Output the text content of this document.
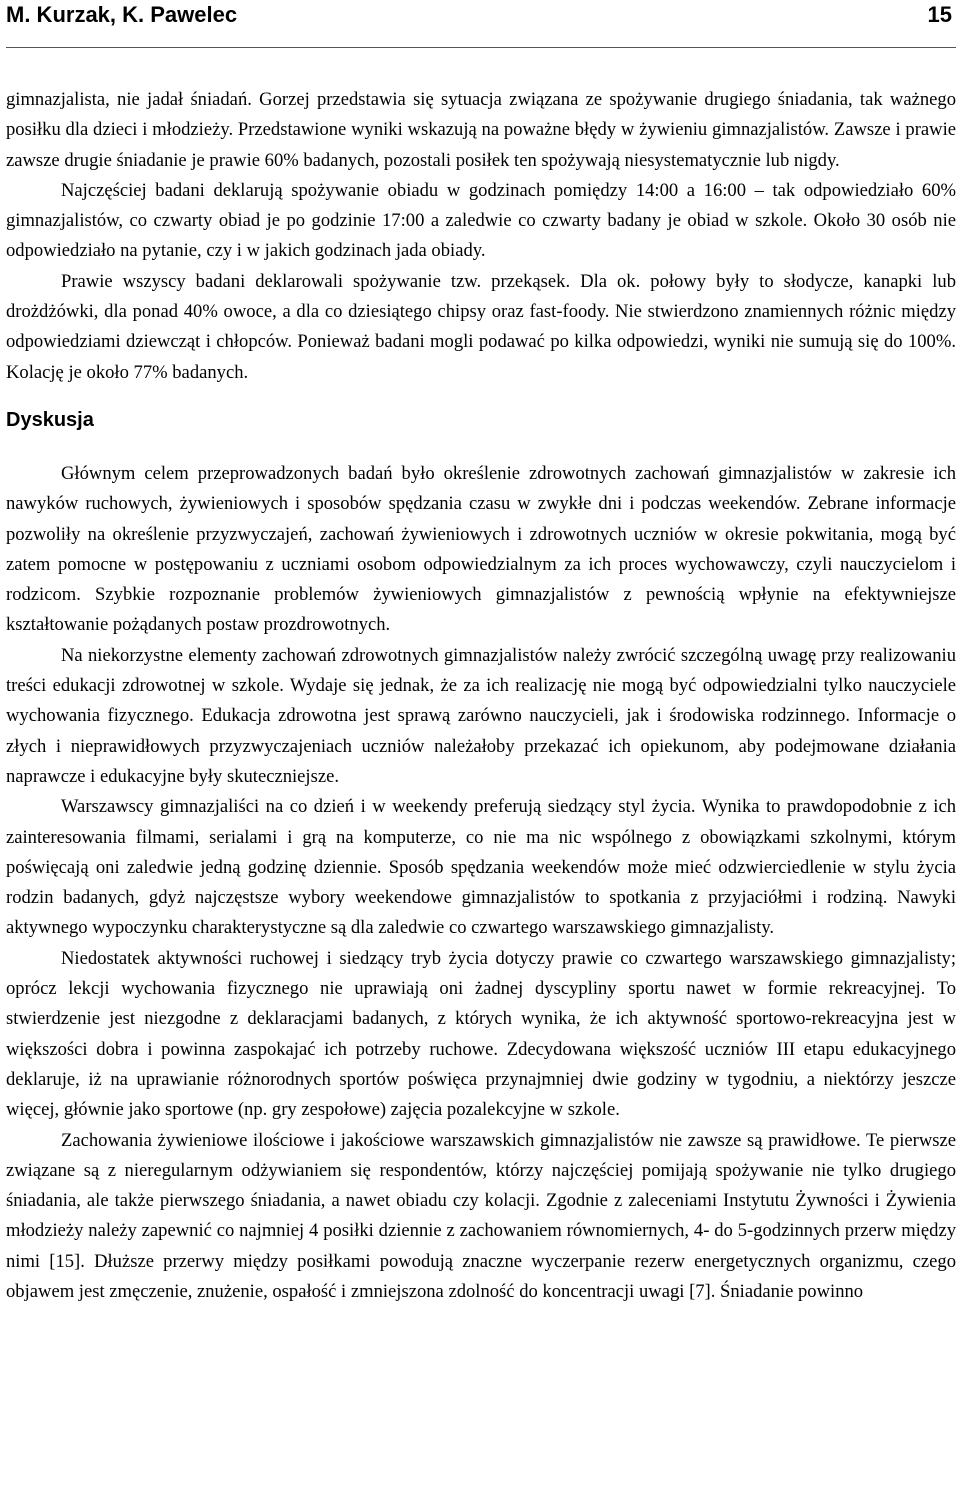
M. Kurzak, K. Pawelec	15

gimnazjalista, nie jadał śniadań. Gorzej przedstawia się sytuacja związana ze spożywanie drugiego śniadania, tak ważnego posiłku dla dzieci i młodzieży. Przedstawione wyniki wskazują na poważne błędy w żywieniu gimnazjalistów. Zawsze i prawie zawsze drugie śniadanie je prawie 60% badanych, pozostali posiłek ten spożywają niesystematycznie lub nigdy.

Najczęściej badani deklarują spożywanie obiadu w godzinach pomiędzy 14:00 a 16:00 – tak odpowiedziało 60% gimnazjalistów, co czwarty obiad je po godzinie 17:00 a zaledwie co czwarty badany je obiad w szkole. Około 30 osób nie odpowiedziało na pytanie, czy i w jakich godzinach jada obiady.

Prawie wszyscy badani deklarowali spożywanie tzw. przekąsek. Dla ok. połowy były to słodycze, kanapki lub drożdżówki, dla ponad 40% owoce, a dla co dziesiątego chipsy oraz fast-foody. Nie stwierdzono znamiennych różnic między odpowiedziami dziewcząt i chłopców. Ponieważ badani mogli podawać po kilka odpowiedzi, wyniki nie sumują się do 100%. Kolację je około 77% badanych.

Dyskusja

Głównym celem przeprowadzonych badań było określenie zdrowotnych zachowań gimnazjalistów w zakresie ich nawyków ruchowych, żywieniowych i sposobów spędzania czasu w zwykłe dni i podczas weekendów. Zebrane informacje pozwoliły na określenie przyzwyczajeń, zachowań żywieniowych i zdrowotnych uczniów w okresie pokwitania, mogą być zatem pomocne w postępowaniu z uczniami osobom odpowiedzialnym za ich proces wychowawczy, czyli nauczycielom i rodzicom. Szybkie rozpoznanie problemów żywieniowych gimnazjalistów z pewnością wpłynie na efektywniejsze kształtowanie pożądanych postaw prozdrowotnych.

Na niekorzystne elementy zachowań zdrowotnych gimnazjalistów należy zwrócić szczególną uwagę przy realizowaniu treści edukacji zdrowotnej w szkole. Wydaje się jednak, że za ich realizację nie mogą być odpowiedzialni tylko nauczyciele wychowania fizycznego. Edukacja zdrowotna jest sprawą zarówno nauczycieli, jak i środowiska rodzinnego. Informacje o złych i nieprawidłowych przyzwyczajeniach uczniów należałoby przekazać ich opiekunom, aby podejmowane działania naprawcze i edukacyjne były skuteczniejsze.

Warszawscy gimnazjaliści na co dzień i w weekendy preferują siedzący styl życia. Wynika to prawdopodobnie z ich zainteresowania filmami, serialami i grą na komputerze, co nie ma nic wspólnego z obowiązkami szkolnymi, którym poświęcają oni zaledwie jedną godzinę dziennie. Sposób spędzania weekendów może mieć odzwierciedlenie w stylu życia rodzin badanych, gdyż najczęstsze wybory weekendowe gimnazjalistów to spotkania z przyjaciółmi i rodziną. Nawyki aktywnego wypoczynku charakterystyczne są dla zaledwie co czwartego warszawskiego gimnazjalisty.

Niedostatek aktywności ruchowej i siedzący tryb życia dotyczy prawie co czwartego warszawskiego gimnazjalisty; oprócz lekcji wychowania fizycznego nie uprawiają oni żadnej dyscypliny sportu nawet w formie rekreacyjnej. To stwierdzenie jest niezgodne z deklaracjami badanych, z których wynika, że ich aktywność sportowo-rekreacyjna jest w większości dobra i powinna zaspokajać ich potrzeby ruchowe. Zdecydowana większość uczniów III etapu edukacyjnego deklaruje, iż na uprawianie różnorodnych sportów poświęca przynajmniej dwie godziny w tygodniu, a niektórzy jeszcze więcej, głównie jako sportowe (np. gry zespołowe) zajęcia pozalekcyjne w szkole.

Zachowania żywieniowe ilościowe i jakościowe warszawskich gimnazjalistów nie zawsze są prawidłowe. Te pierwsze związane są z nieregularnym odżywianiem się respondentów, którzy najczęściej pomijają spożywanie nie tylko drugiego śniadania, ale także pierwszego śniadania, a nawet obiadu czy kolacji. Zgodnie z zaleceniami Instytutu Żywności i Żywienia młodzieży należy zapewnić co najmniej 4 posiłki dziennie z zachowaniem równomiernych, 4- do 5-godzinnych przerw między nimi [15]. Dłuższe przerwy między posiłkami powodują znaczne wyczerpanie rezerw energetycznych organizmu, czego objawem jest zmęczenie, znużenie, ospałość i zmniejszona zdolność do koncentracji uwagi [7]. Śniadanie powinno
